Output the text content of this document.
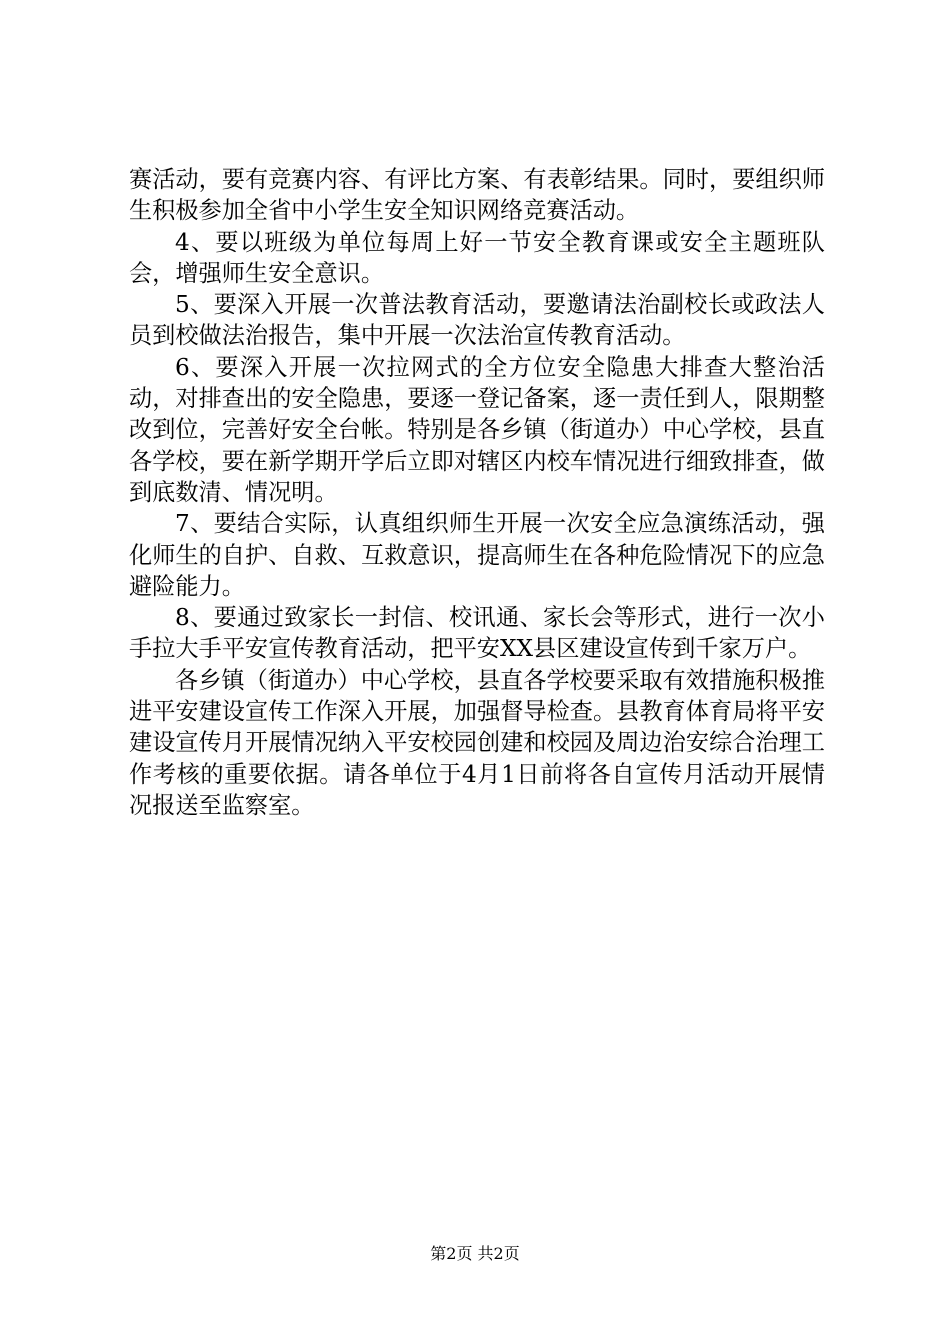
赛活动，要有竞赛内容、有评比方案、有表彰结果。同时，要组织师生积极参加全省中小学生安全知识网络竞赛活动。

4、要以班级为单位每周上好一节安全教育课或安全主题班队会，增强师生安全意识。

5、要深入开展一次普法教育活动，要邀请法治副校长或政法人员到校做法治报告，集中开展一次法治宣传教育活动。

6、要深入开展一次拉网式的全方位安全隐患大排查大整治活动，对排查出的安全隐患，要逐一登记备案，逐一责任到人，限期整改到位，完善好安全台帐。特别是各乡镇（街道办）中心学校，县直各学校，要在新学期开学后立即对辖区内校车情况进行细致排查，做到底数清、情况明。

7、要结合实际，认真组织师生开展一次安全应急演练活动，强化师生的自护、自救、互救意识，提高师生在各种危险情况下的应急避险能力。

8、要通过致家长一封信、校讯通、家长会等形式，进行一次小手拉大手平安宣传教育活动，把平安XX县区建设宣传到千家万户。

各乡镇（街道办）中心学校，县直各学校要采取有效措施积极推进平安建设宣传工作深入开展，加强督导检查。县教育体育局将平安建设宣传月开展情况纳入平安校园创建和校园及周边治安综合治理工作考核的重要依据。请各单位于4月1日前将各自宣传月活动开展情况报送至监察室。

第2页 共2页
